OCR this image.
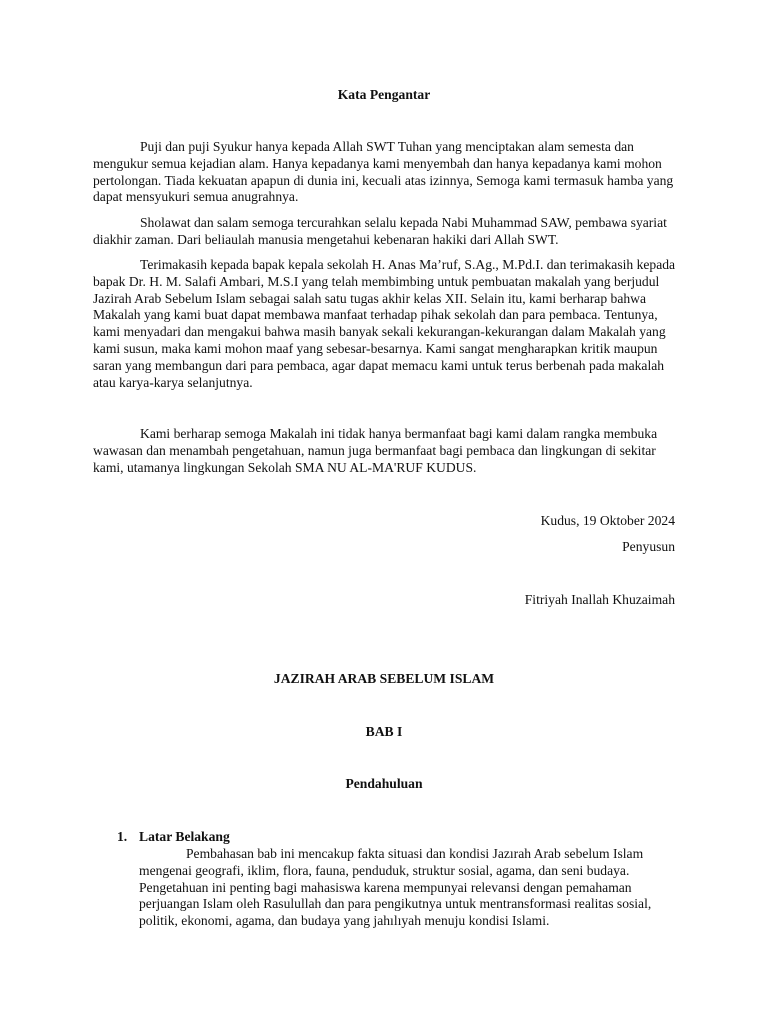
Kata Pengantar
Puji dan puji Syukur hanya kepada Allah SWT Tuhan yang menciptakan alam semesta dan mengukur semua kejadian alam. Hanya kepadanya kami menyembah dan hanya kepadanya kami mohon pertolongan. Tiada kekuatan apapun di dunia ini, kecuali atas izinnya, Semoga kami termasuk hamba yang dapat mensyukuri semua anugrahnya.
Sholawat dan salam semoga tercurahkan selalu kepada Nabi Muhammad SAW, pembawa syariat diakhir zaman. Dari beliaulah manusia mengetahui kebenaran hakiki dari Allah SWT.
Terimakasih kepada bapak kepala sekolah H. Anas Ma’ruf, S.Ag., M.Pd.I. dan terimakasih kepada bapak Dr. H. M. Salafi Ambari, M.S.I yang telah membimbing untuk pembuatan makalah yang berjudul Jazirah Arab Sebelum Islam sebagai salah satu tugas akhir kelas XII. Selain itu, kami berharap bahwa Makalah yang kami buat dapat membawa manfaat terhadap pihak sekolah dan para pembaca. Tentunya, kami menyadari dan mengakui bahwa masih banyak sekali kekurangan-kekurangan dalam Makalah yang kami susun, maka kami mohon maaf yang sebesar-besarnya. Kami sangat mengharapkan kritik maupun saran yang membangun dari para pembaca, agar dapat memacu kami untuk terus berbenah pada makalah atau karya-karya selanjutnya.
Kami berharap semoga Makalah ini tidak hanya bermanfaat bagi kami dalam rangka membuka wawasan dan menambah pengetahuan, namun juga bermanfaat bagi pembaca dan lingkungan di sekitar kami, utamanya lingkungan Sekolah SMA NU AL-MA'RUF KUDUS.
Kudus, 19 Oktober 2024
Penyusun
Fitriyah Inallah Khuzaimah
JAZIRAH ARAB SEBELUM ISLAM
BAB I
Pendahuluan
1. Latar Belakang
Pembahasan bab ini mencakup fakta situasi dan kondisi Jazırah Arab sebelum Islam mengenai geografi, iklim, flora, fauna, penduduk, struktur sosial, agama, dan seni budaya. Pengetahuan ini penting bagi mahasiswa karena mempunyai relevansi dengan pemahaman perjuangan Islam oleh Rasulullah dan para pengikutnya untuk mentransformasi realitas sosial, politik, ekonomi, agama, dan budaya yang jahılıyah menuju kondisi Islami.
